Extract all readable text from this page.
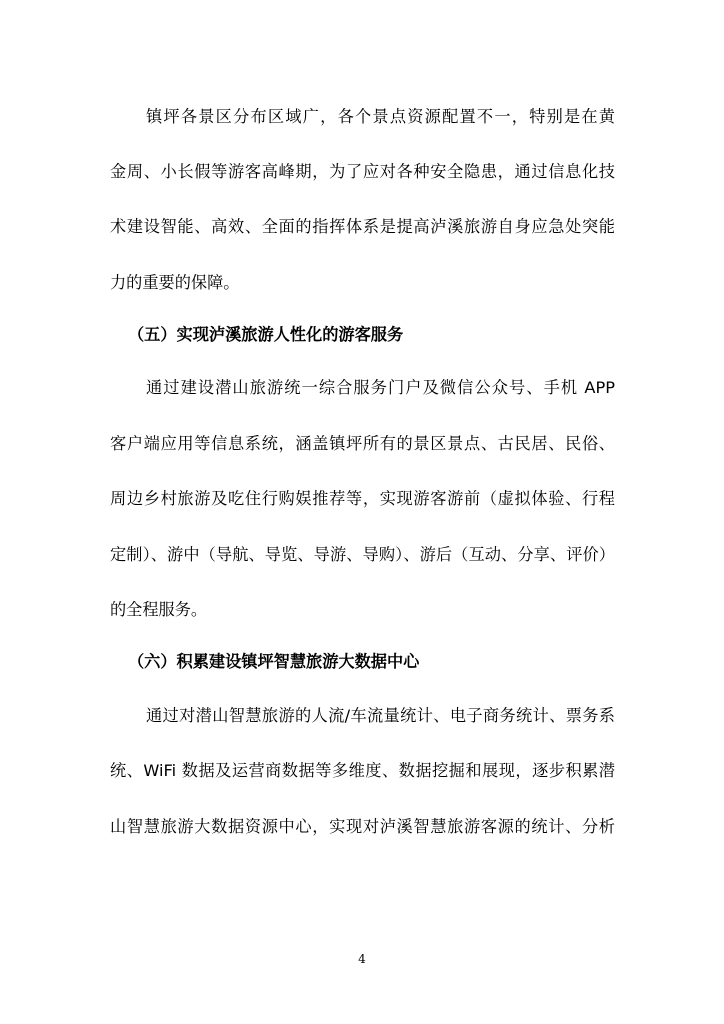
镇坪各景区分布区域广，各个景点资源配置不一，特别是在黄
金周、小长假等游客高峰期，为了应对各种安全隐患，通过信息化技
术建设智能、高效、全面的指挥体系是提高泸溪旅游自身应急处突能
力的重要的保障。
（五）实现泸溪旅游人性化的游客服务
通过建设潜山旅游统一综合服务门户及微信公众号、手机 APP
客户端应用等信息系统，涵盖镇坪所有的景区景点、古民居、民俗、
周边乡村旅游及吃住行购娱推荐等，实现游客游前（虚拟体验、行程
定制）、游中（导航、导览、导游、导购）、游后（互动、分享、评价）
的全程服务。
（六）积累建设镇坪智慧旅游大数据中心
通过对潜山智慧旅游的人流/车流量统计、电子商务统计、票务系
统、WiFi 数据及运营商数据等多维度、数据挖掘和展现，逐步积累潜
山智慧旅游大数据资源中心，实现对泸溪智慧旅游客源的统计、分析
4
